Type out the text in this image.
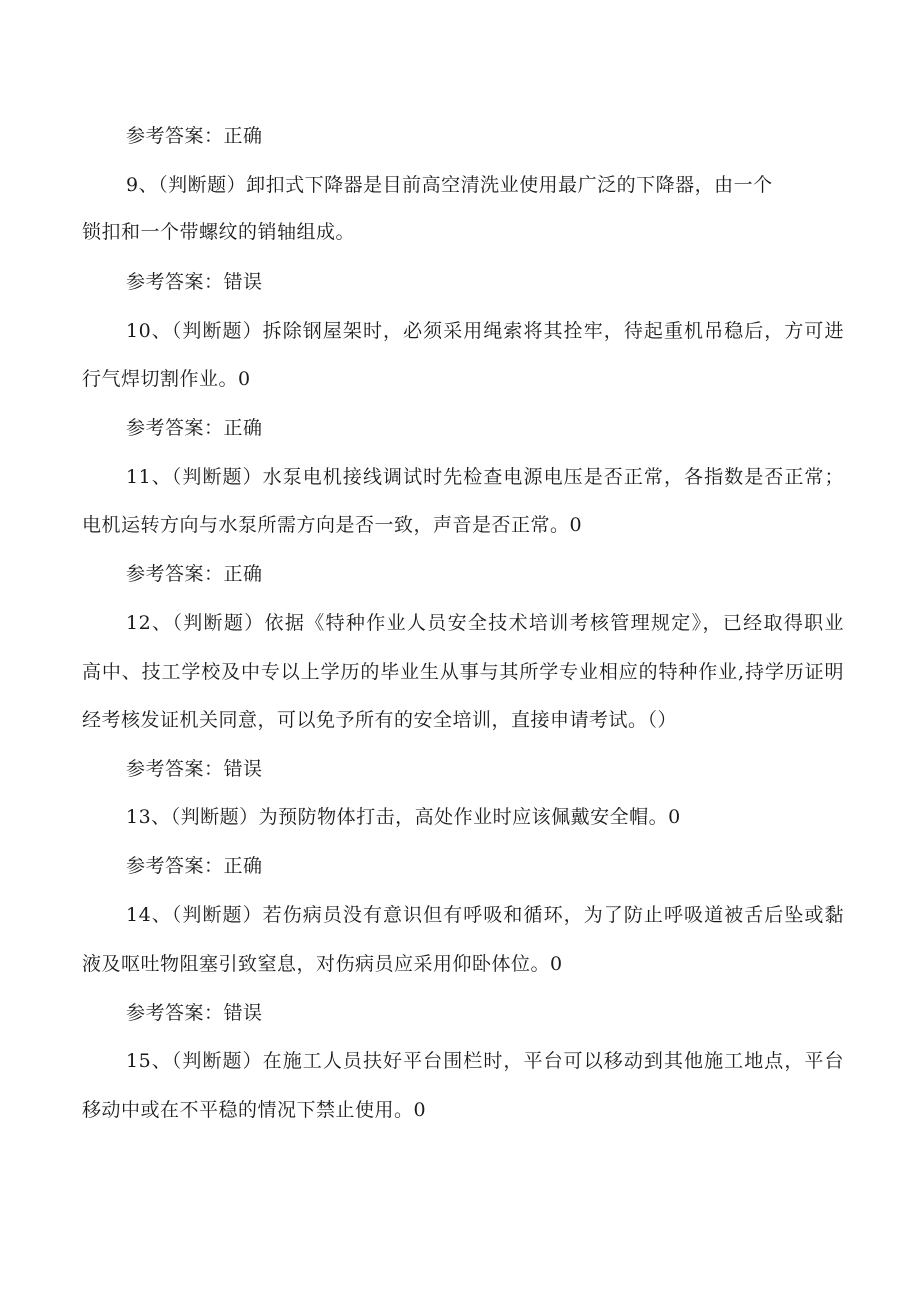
参考答案：正确
9、（判断题）卸扣式下降器是目前高空清洗业使用最广泛的下降器，由一个
锁扣和一个带螺纹的销轴组成。
参考答案：错误
10、（判断题）拆除钢屋架时，必须采用绳索将其拴牢，待起重机吊稳后，方可进
行气焊切割作业。0
参考答案：正确
11、（判断题）水泵电机接线调试时先检查电源电压是否正常，各指数是否正常；
电机运转方向与水泵所需方向是否一致，声音是否正常。0
参考答案：正确
12、（判断题）依据《特种作业人员安全技术培训考核管理规定》，已经取得职业
高中、技工学校及中专以上学历的毕业生从事与其所学专业相应的特种作业,持学历证明
经考核发证机关同意，可以免予所有的安全培训，直接申请考试。（）
参考答案：错误
13、（判断题）为预防物体打击，高处作业时应该佩戴安全帽。0
参考答案：正确
14、（判断题）若伤病员没有意识但有呼吸和循环，为了防止呼吸道被舌后坠或黏
液及呕吐物阻塞引致窒息，对伤病员应采用仰卧体位。0
参考答案：错误
15、（判断题）在施工人员扶好平台围栏时，平台可以移动到其他施工地点，平台
移动中或在不平稳的情况下禁止使用。0
